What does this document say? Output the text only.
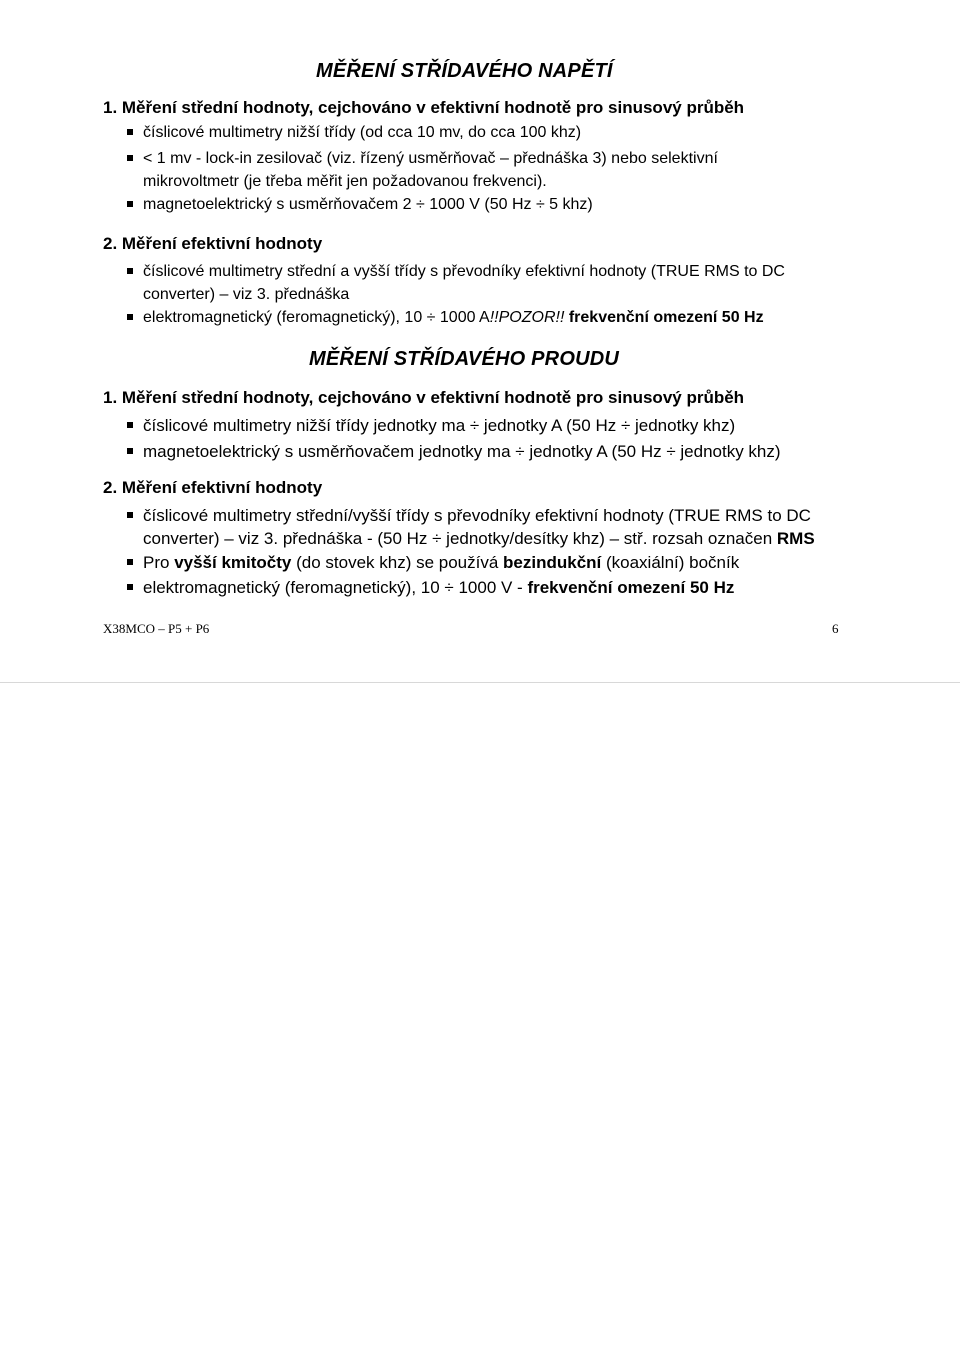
MĚŘENÍ STŘÍDAVÉHO NAPĚTÍ
1. Měření střední hodnoty, cejchováno v efektivní hodnotě pro sinusový průběh
číslicové multimetry nižší třídy (od cca 10 mv, do cca 100 khz)
< 1 mv - lock-in zesilovač (viz. řízený usměrňovač – přednáška 3) nebo selektivní mikrovoltmetr (je třeba měřit jen požadovanou frekvenci).
magnetoelektrický s usměrňovačem 2 ÷ 1000 V (50 Hz ÷ 5 khz)
2. Měření efektivní hodnoty
číslicové multimetry střední a vyšší třídy s převodníky efektivní hodnoty (TRUE RMS to DC converter) – viz 3. přednáška
elektromagnetický (feromagnetický), 10 ÷ 1000 A!!POZOR!! frekvenční omezení 50 Hz
MĚŘENÍ STŘÍDAVÉHO PROUDU
1. Měření střední hodnoty, cejchováno v efektivní hodnotě pro sinusový průběh
číslicové multimetry nižší třídy jednotky ma ÷ jednotky A (50 Hz ÷ jednotky khz)
magnetoelektrický s usměrňovačem jednotky ma ÷ jednotky A (50 Hz ÷ jednotky khz)
2. Měření efektivní hodnoty
číslicové multimetry střední/vyšší třídy s převodníky efektivní hodnoty (TRUE RMS to DC converter) – viz 3. přednáška - (50 Hz ÷ jednotky/desítky khz) – stř. rozsah označen RMS
Pro vyšší kmitočty (do stovek khz) se používá bezindukční (koaxiální) bočník
elektromagnetický (feromagnetický), 10 ÷ 1000 V - frekvenční omezení 50 Hz
X38MCO – P5 + P6	6
